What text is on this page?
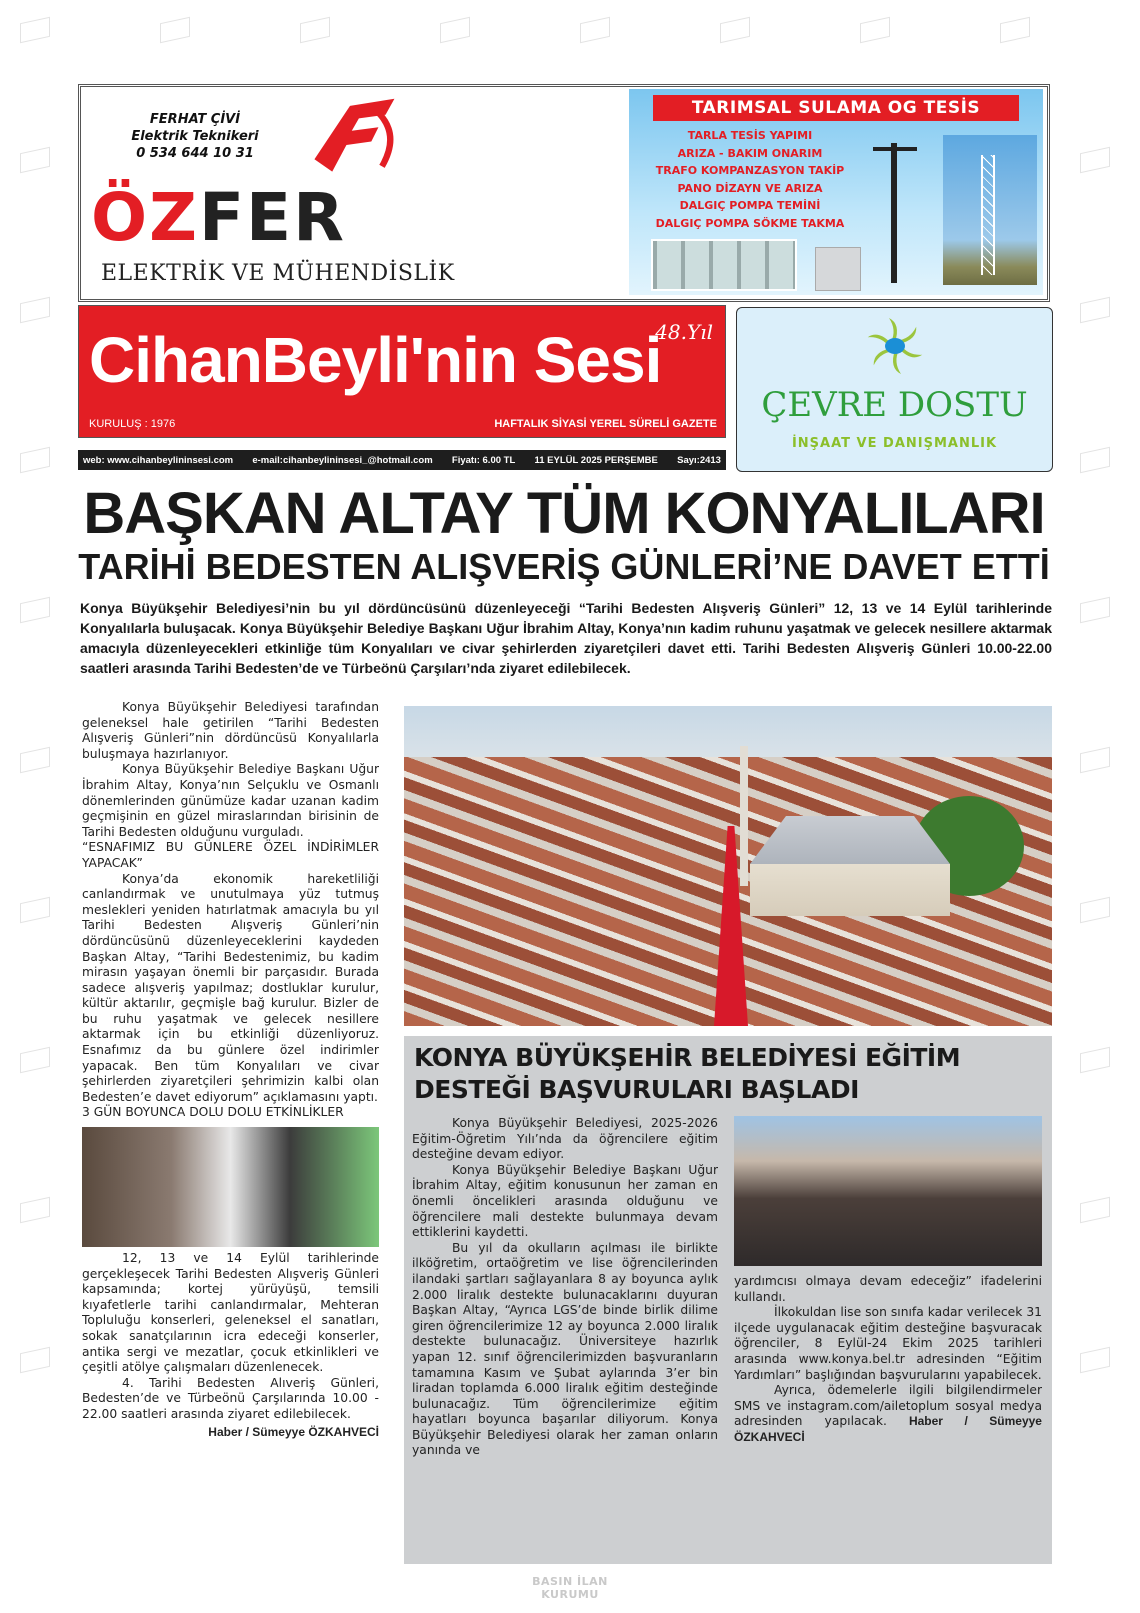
BASIN İLAN
KURUMU
FERHAT ÇİVİ
Elektrik Teknikeri
0 534 644 10 31
ÖZFER
ELEKTRİK VE MÜHENDİSLİK
TARIMSAL SULAMA OG TESİS
TARLA TESİS YAPIMI
ARIZA - BAKIM ONARIM
TRAFO KOMPANZASYON TAKİP
PANO DİZAYN VE ARIZA
DALGIÇ POMPA TEMİNİ
DALGIÇ POMPA SÖKME TAKMA
CihanBeyli'nin Sesi
48.Yıl
KURULUŞ : 1976	HAFTALIK SİYASİ YEREL SÜRELİ GAZETE
web: www.cihanbeylininsesi.com e-mail:cihanbeylininsesi_@hotmail.com Fiyatı: 6.00 TL 11 EYLÜL 2025 PERŞEMBE Sayı:2413
ÇEVRE DOSTU
İNŞAAT VE DANIŞMANLIK
BAŞKAN ALTAY TÜM KONYALILARI
TARİHİ BEDESTEN ALIŞVERİŞ GÜNLERİ’NE DAVET ETTİ
Konya Büyükşehir Belediyesi’nin bu yıl dördüncüsünü düzenleyeceği “Tarihi Bedesten Alışveriş Günleri” 12, 13 ve 14 Eylül tarihlerinde Konyalılarla buluşacak. Konya Büyükşehir Belediye Başkanı Uğur İbrahim Altay, Konya’nın kadim ruhunu yaşatmak ve gelecek nesillere aktarmak amacıyla düzenleyecekleri etkinliğe tüm Konyalıları ve civar şehirlerden ziyaretçileri davet etti. Tarihi Bedesten Alışveriş Günleri 10.00-22.00 saatleri arasında Tarihi Bedesten’de ve Türbeönü Çarşıları’nda ziyaret edilebilecek.

Konya Büyükşehir Belediyesi tarafından geleneksel hale getirilen “Tarihi Bedesten Alışveriş Günleri”nin dördüncüsü Konyalılarla buluşmaya hazırlanıyor.

Konya Büyükşehir Belediye Başkanı Uğur İbrahim Altay, Konya’nın Selçuklu ve Osmanlı dönemlerinden günümüze kadar uzanan kadim geçmişinin en güzel miraslarından birisinin de Tarihi Bedesten olduğunu vurguladı.

“ESNAFIMIZ BU GÜNLERE ÖZEL İNDİRİMLER YAPACAK”

Konya’da ekonomik hareketliliği canlandırmak ve unutulmaya yüz tutmuş meslekleri yeniden hatırlatmak amacıyla bu yıl Tarihi Bedesten Alışveriş Günleri’nin dördüncüsünü düzenleyeceklerini kaydeden Başkan Altay, “Tarihi Bedestenimiz, bu kadim mirasın yaşayan önemli bir parçasıdır. Burada sadece alışveriş yapılmaz; dostluklar kurulur, kültür aktarılır, geçmişle bağ kurulur. Bizler de bu ruhu yaşatmak ve gelecek nesillere aktarmak için bu etkinliği düzenliyoruz. Esnafımız da bu günlere özel indirimler yapacak. Ben tüm Konyalıları ve civar şehirlerden ziyaretçileri şehrimizin kalbi olan Bedesten’e davet ediyorum” açıklamasını yaptı.

3 GÜN BOYUNCA DOLU DOLU ETKİNLİKLER

12, 13 ve 14 Eylül tarihlerinde gerçekleşecek Tarihi Bedesten Alışveriş Günleri kapsamında; kortej yürüyüşü, temsili kıyafetlerle tarihi canlandırmalar, Mehteran Topluluğu konserleri, geleneksel el sanatları, sokak sanatçılarının icra edeceği konserler, antika sergi ve mezatlar, çocuk etkinlikleri ve çeşitli atölye çalışmaları düzenlenecek.

4. Tarihi Bedesten Alıveriş Günleri, Bedesten’de ve Türbeönü Çarşılarında 10.00 - 22.00 saatleri arasında ziyaret edilebilecek.

Haber / Sümeyye ÖZKAHVECİ

KONYA BÜYÜKŞEHİR BELEDİYESİ EĞİTİM
DESTEĞİ BAŞVURULARI BAŞLADI

Konya Büyükşehir Belediyesi, 2025-2026 Eğitim-Öğretim Yılı’nda da öğrencilere eğitim desteğine devam ediyor.

Konya Büyükşehir Belediye Başkanı Uğur İbrahim Altay, eğitim konusunun her zaman en önemli öncelikleri arasında olduğunu ve öğrencilere mali destekte bulunmaya devam ettiklerini kaydetti.

Bu yıl da okulların açılması ile birlikte ilköğretim, ortaöğretim ve lise öğrencilerinden ilandaki şartları sağlayanlara 8 ay boyunca aylık 2.000 liralık destekte bulunacaklarını duyuran Başkan Altay, “Ayrıca LGS’de binde birlik dilime giren öğrencilerimize 12 ay boyunca 2.000 liralık destekte bulunacağız. Üniversiteye hazırlık yapan 12. sınıf öğrencilerimizden başvuranların tamamına Kasım ve Şubat aylarında 3’er bin liradan toplamda 6.000 liralık eğitim desteğinde bulunacağız. Tüm öğrencilerimize eğitim hayatları boyunca başarılar diliyorum. Konya Büyükşehir Belediyesi olarak her zaman onların yanında ve

yardımcısı olmaya devam edeceğiz” ifadelerini kullandı.

İlkokuldan lise son sınıfa kadar verilecek 31 ilçede uygulanacak eğitim desteğine başvuracak öğrenciler, 8 Eylül-24 Ekim 2025 tarihleri arasında www.konya.bel.tr adresinden “Eğitim Yardımları” başlığından başvurularını yapabilecek.

Ayrıca, ödemelerle ilgili bilgilendirmeler SMS ve instagram.com/ailetoplum sosyal medya adresinden yapılacak. Haber / Sümeyye ÖZKAHVECİ
